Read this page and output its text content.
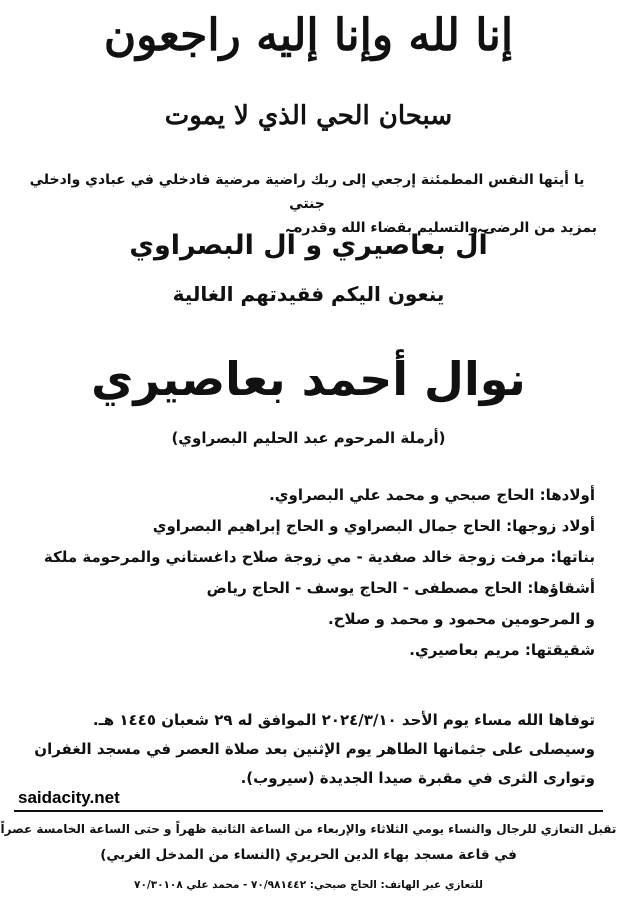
إنا لله وإنا إليه راجعون
سبحان الحي الذي لا يموت
يا أيتها النفس المطمئنة إرجعي إلى ربك راضية مرضية فادخلي في عبادي وادخلي جنتي
بمزيد من الرضى والتسليم بقضاء الله وقدره
آل بعاصيري و آل البصراوي
ينعون اليكم فقيدتهم الغالية
نوال أحمد بعاصيري
(أرملة المرحوم عبد الحليم البصراوي)
أولادها: الحاج صبحي و محمد علي البصراوي.
أولاد زوجها: الحاج جمال البصراوي و الحاج إبراهيم البصراوي
بناتها: مرفت زوجة خالد صفدية - مي زوجة صلاح داغستاني والمرحومة ملكة
أشقاؤها: الحاج مصطفى - الحاج يوسف - الحاج رياض
و المرحومين محمود و محمد و صلاح.
شقيقتها: مريم بعاصيري.
توفاها الله مساء يوم الأحد ٢٠٢٤/٣/١٠ الموافق له ٢٩ شعبان ١٤٤٥ هـ.
وسيصلى على جثمانها الطاهر يوم الإثنين بعد صلاة العصر في مسجد الغفران
وتوارى الثرى في مقبرة صيدا الجديدة (سيروب).
saidacity.net
تقبل التعازي للرجال والنساء يومي الثلاثاء والإربعاء من الساعة الثانية ظهراً و حتى الساعة الخامسة عصراً
في قاعة مسجد بهاء الدين الحريري (النساء من المدخل الغربي)
للتعازي عبر الهاتف: الحاج صبحي: ٧٠/٩٨١٤٤٢ - محمد علي ٧٠/٣٠١٠٨
